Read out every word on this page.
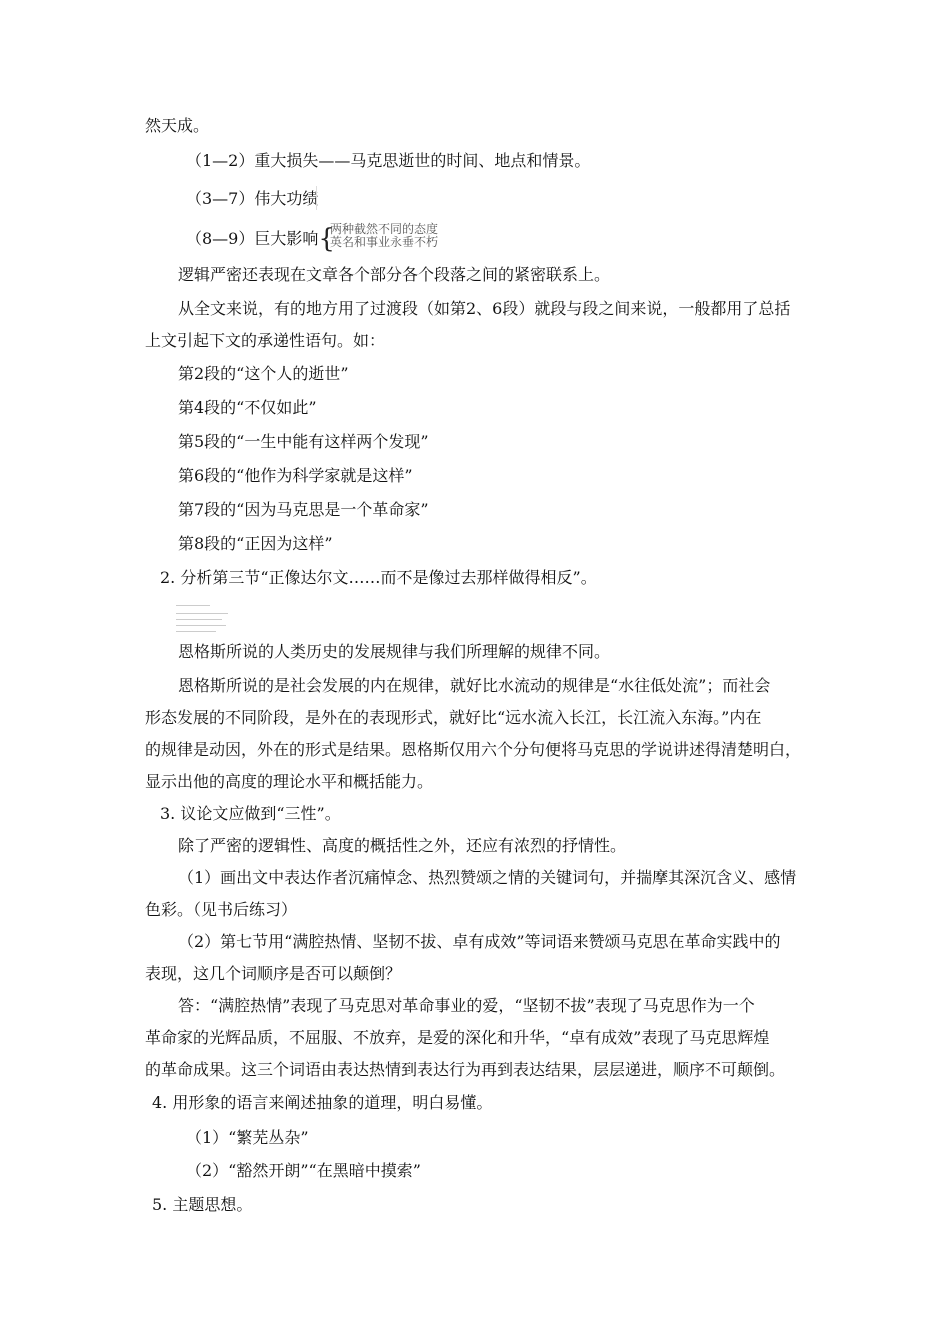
然天成。
（1—2）重大损失——马克思逝世的时间、地点和情景。
（3—7）伟大功绩
（8—9）巨大影响{
两种截然不同的态度
英名和事业永垂不朽
逻辑严密还表现在文章各个部分各个段落之间的紧密联系上。
从全文来说，有的地方用了过渡段（如第2、6段）就段与段之间来说，一般都用了总括
上文引起下文的承递性语句。如：
第2段的“这个人的逝世”
第4段的“不仅如此”
第5段的“一生中能有这样两个发现”
第6段的“他作为科学家就是这样”
第7段的“因为马克思是一个革命家”
第8段的“正因为这样”
2. 分析第三节“正像达尔文……而不是像过去那样做得相反”。
恩格斯所说的人类历史的发展规律与我们所理解的规律不同。
恩格斯所说的是社会发展的内在规律，就好比水流动的规律是“水往低处流”；而社会
形态发展的不同阶段，是外在的表现形式，就好比“远水流入长江，长江流入东海。”内在
的规律是动因，外在的形式是结果。恩格斯仅用六个分句便将马克思的学说讲述得清楚明白，
显示出他的高度的理论水平和概括能力。
3. 议论文应做到“三性”。
除了严密的逻辑性、高度的概括性之外，还应有浓烈的抒情性。
（1）画出文中表达作者沉痛悼念、热烈赞颂之情的关键词句，并揣摩其深沉含义、感情
色彩。（见书后练习）
（2）第七节用“满腔热情、坚韧不拔、卓有成效”等词语来赞颂马克思在革命实践中的
表现，这几个词顺序是否可以颠倒？
答：“满腔热情”表现了马克思对革命事业的爱，“坚韧不拔”表现了马克思作为一个
革命家的光辉品质，不屈服、不放弃，是爱的深化和升华，“卓有成效”表现了马克思辉煌
的革命成果。这三个词语由表达热情到表达行为再到表达结果，层层递进，顺序不可颠倒。
4. 用形象的语言来阐述抽象的道理，明白易懂。
（1）“繁芜丛杂”
（2）“豁然开朗”“在黑暗中摸索”
5. 主题思想。
